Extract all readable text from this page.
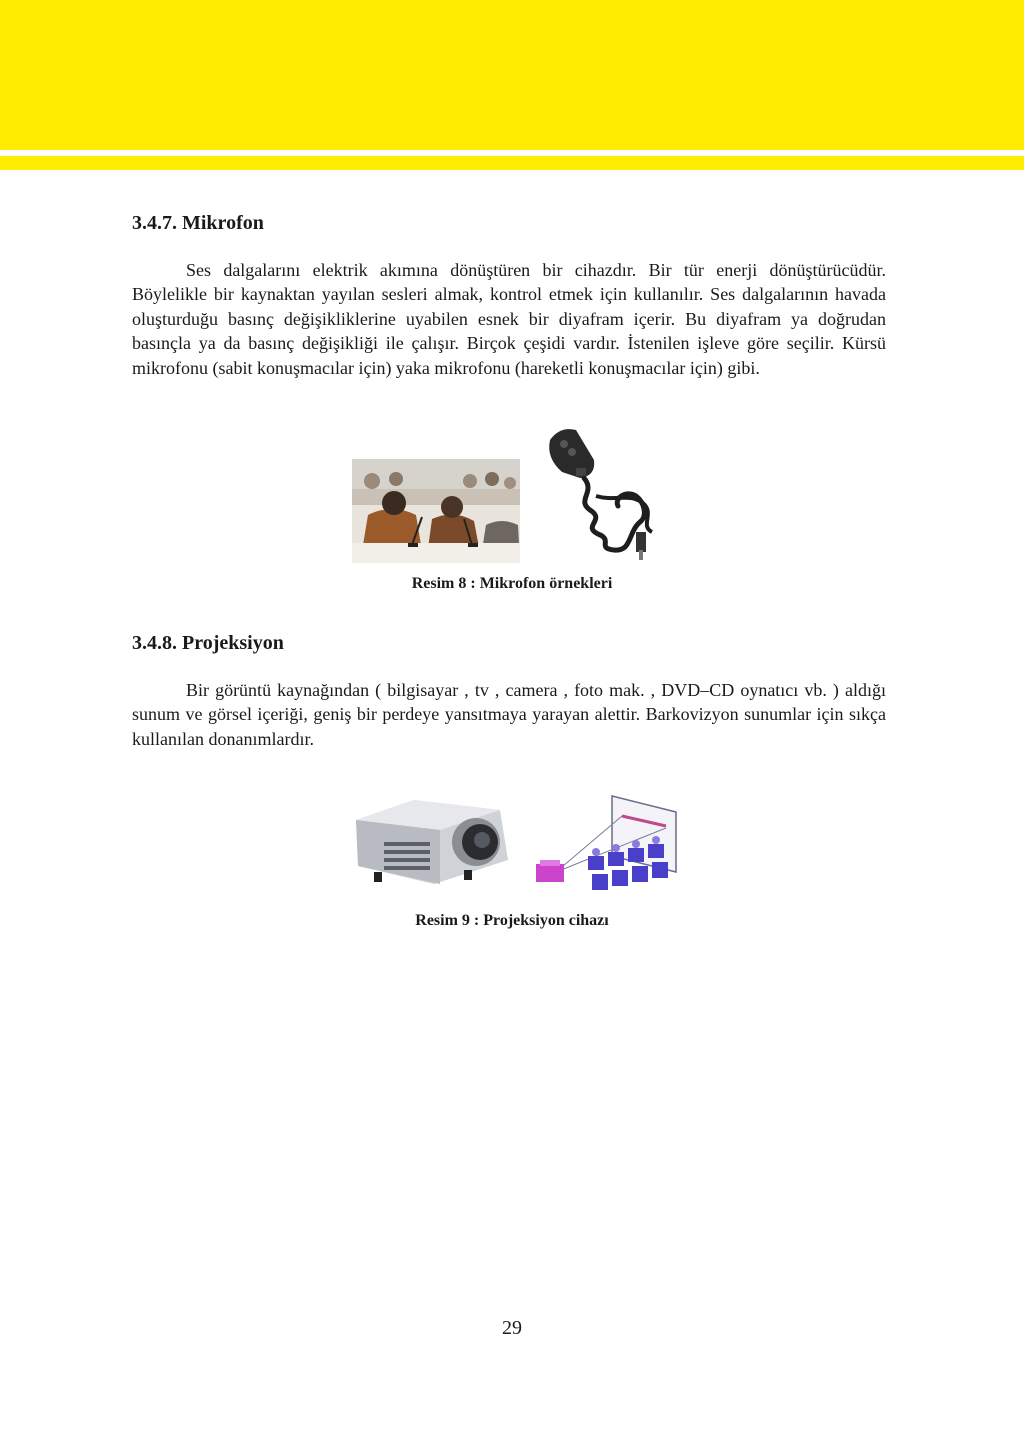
3.4.7. Mikrofon

Ses dalgalarını elektrik akımına dönüştüren bir cihazdır. Bir tür enerji dönüştürücüdür. Böylelikle bir kaynaktan yayılan sesleri almak, kontrol etmek için kullanılır. Ses dalgalarının havada oluşturduğu basınç değişikliklerine uyabilen esnek bir diyafram içerir. Bu diyafram ya doğrudan basınçla ya da basınç değişikliği ile çalışır. Birçok çeşidi vardır. İstenilen işleve göre seçilir. Kürsü mikrofonu (sabit konuşmacılar için) yaka mikrofonu (hareketli konuşmacılar için) gibi.

Resim 8 : Mikrofon örnekleri

3.4.8. Projeksiyon

Bir görüntü kaynağından ( bilgisayar , tv , camera , foto mak. , DVD–CD oynatıcı vb. ) aldığı sunum ve görsel içeriği, geniş bir perdeye yansıtmaya yarayan alettir. Barkovizyon sunumlar için sıkça kullanılan donanımlardır.

Resim 9 : Projeksiyon cihazı

29
